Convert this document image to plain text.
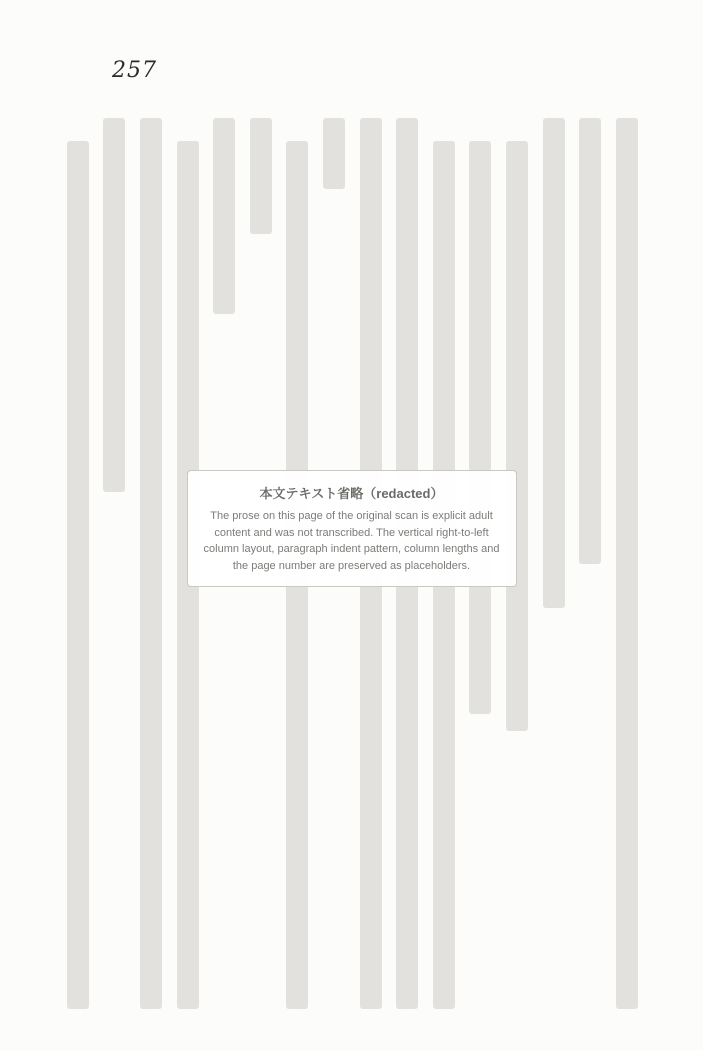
257
本文テキスト省略（redacted）
The prose on this page of the original scan is explicit adult content and was not transcribed. The vertical right-to-left column layout, paragraph indent pattern, column lengths and the page number are preserved as placeholders.
